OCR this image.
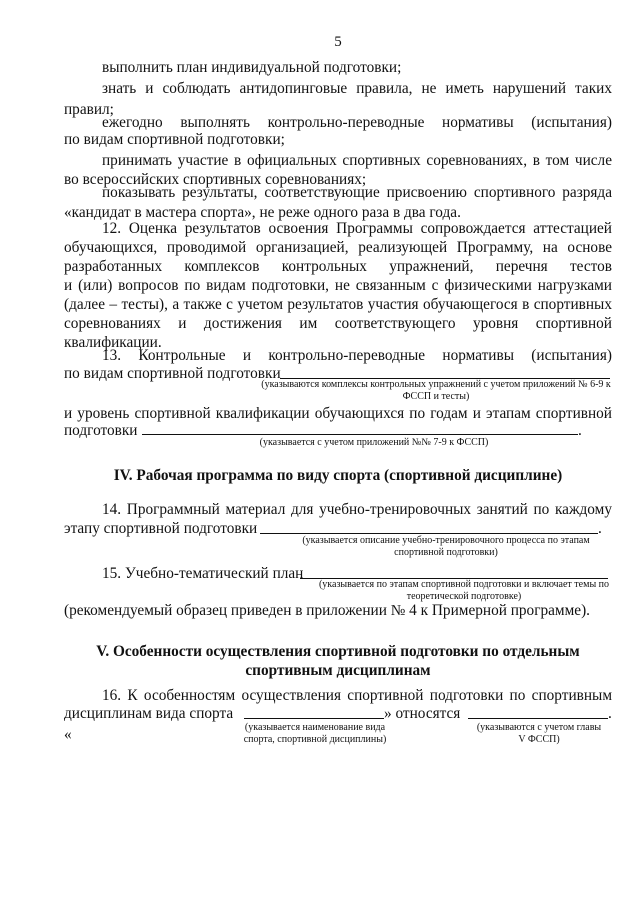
5
выполнить план индивидуальной подготовки;
знать и соблюдать антидопинговые правила, не иметь нарушений таких
правил;
ежегодно выполнять контрольно-переводные нормативы (испытания)
по видам спортивной подготовки;
принимать участие в официальных спортивных соревнованиях, в том числе
во всероссийских спортивных соревнованиях;
показывать результаты, соответствующие присвоению спортивного разряда
«кандидат в мастера спорта», не реже одного раза в два года.
12. Оценка результатов освоения Программы сопровождается аттестацией
обучающихся, проводимой организацией, реализующей Программу, на основе
разработанных комплексов контрольных упражнений, перечня тестов
и (или) вопросов по видам подготовки, не связанным с физическими нагрузками
(далее – тесты), а также с учетом результатов участия обучающегося в спортивных
соревнованиях и достижения им соответствующего уровня спортивной
квалификации.
13. Контрольные и контрольно-переводные нормативы (испытания)
по видам спортивной подготовки
(указываются комплексы контрольных упражнений с учетом приложений № 6-9 к ФССП и тесты)
и уровень спортивной квалификации обучающихся по годам и этапам спортивной
подготовки	.
(указывается с учетом приложений №№ 7-9 к ФССП)
IV. Рабочая программа по виду спорта (спортивной дисциплине)
14. Программный материал для учебно-тренировочных занятий по каждому
этапу спортивной подготовки	.
(указывается описание учебно-тренировочного процесса по этапам спортивной подготовки)
15. Учебно-тематический план
(указывается по этапам спортивной подготовки и включает темы по теоретической подготовке)
(рекомендуемый образец приведен в приложении № 4 к Примерной программе).
V. Особенности осуществления спортивной подготовки по отдельным
спортивным дисциплинам
16. К особенностям осуществления спортивной подготовки по спортивным
дисциплинам вида спорта «
» относятся	.
(указывается наименование вида спорта, спортивной дисциплины)
(указываются с учетом главы V ФССП)
